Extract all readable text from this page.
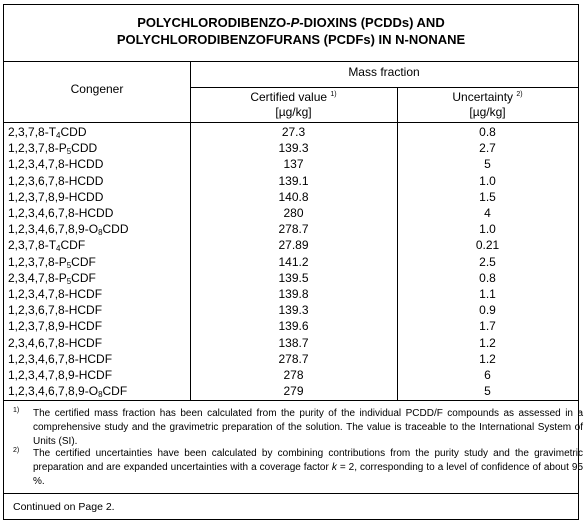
POLYCHLORODIBENZO-P-DIOXINS (PCDDs) AND
POLYCHLORODIBENZOFURANS (PCDFs) IN N-NONANE
Congener
Mass fraction
Certified value $^{1)}$
[µg/kg]
Uncertainty $^{2)}$
[µg/kg]
$2,3,7,8-T_4CDD$	27.3	0.8
$1,2,3,7,8-P_5CDD$	139.3	2.7
1,2,3,4,7,8-HCDD	137	5
1,2,3,6,7,8-HCDD	139.1	1.0
1,2,3,7,8,9-HCDD	140.8	1.5
1,2,3,4,6,7,8-HCDD	280	4
$1,2,3,4,6,7,8,9-O_8CDD$	278.7	1.0
$2,3,7,8-T_4CDF$	27.89	0.21
$1,2,3,7,8-P_5CDF$	141.2	2.5
$2,3,4,7,8-P_5CDF$	139.5	0.8
1,2,3,4,7,8-HCDF	139.8	1.1
1,2,3,6,7,8-HCDF	139.3	0.9
1,2,3,7,8,9-HCDF	139.6	1.7
2,3,4,6,7,8-HCDF	138.7	1.2
1,2,3,4,6,7,8-HCDF	278.7	1.2
1,2,3,4,7,8,9-HCDF	278	6
$1,2,3,4,6,7,8,9-O_8CDF$	279	5
1) The certified mass fraction has been calculated from the purity of the individual PCDD/F compounds as assessed in a comprehensive study and the gravimetric preparation of the solution. The value is traceable to the International System of Units (SI).
2) The certified uncertainties have been calculated by combining contributions from the purity study and the gravimetric preparation and are expanded uncertainties with a coverage factor k = 2, corresponding to a level of confidence of about 95 %.
Continued on Page 2.
